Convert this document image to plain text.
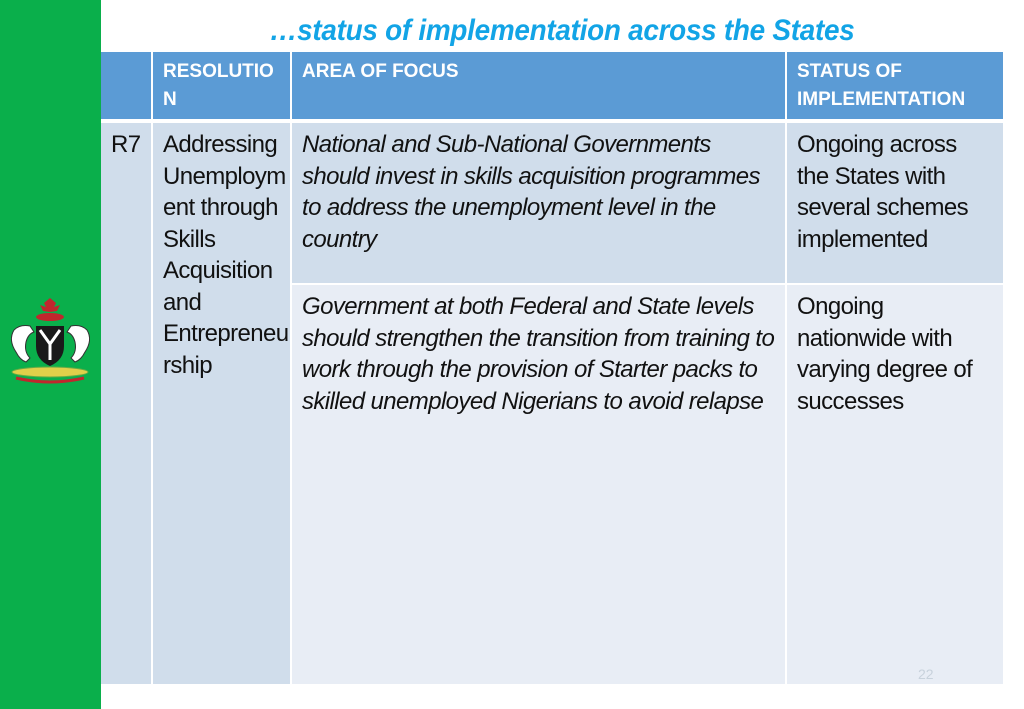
…status of implementation across the States
	RESOLUTIO N	AREA OF FOCUS	STATUS OF IMPLEMENTATION
R7	Addressing Unemploym ent through Skills Acquisition and Entrepreneu rship	National and Sub-National Governments should invest in skills acquisition programmes to address the unemployment level in the country	Ongoing across the States with several schemes implemented
		Government at both Federal and State levels should strengthen the transition from training to work through the provision of Starter packs to skilled unemployed Nigerians to avoid relapse	Ongoing nationwide with varying degree of successes
22
